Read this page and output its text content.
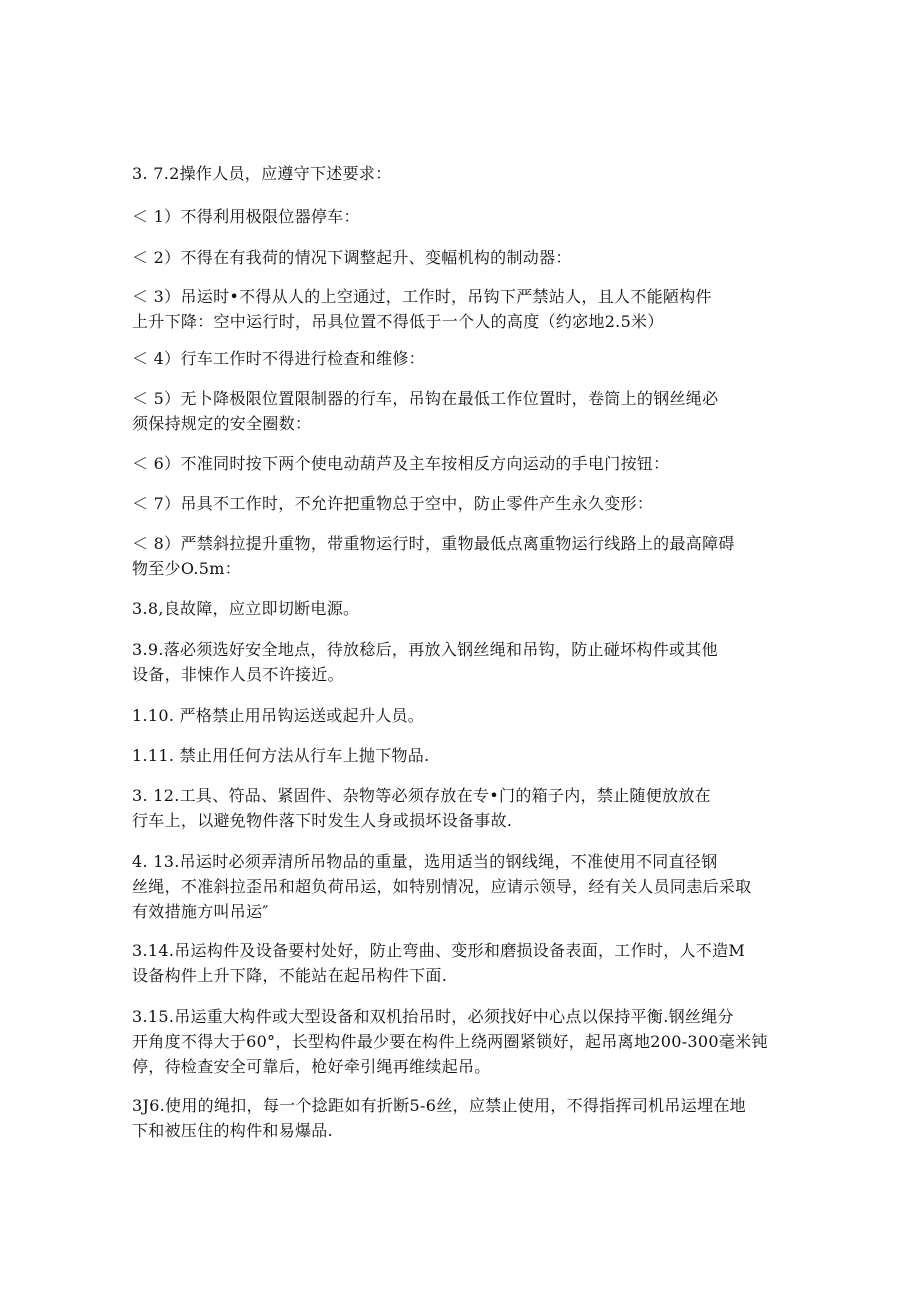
3. 7.2操作人员，应遵守下述要求：
＜ 1）不得利用极限位器停车：
＜ 2）不得在有我荷的情况下调整起升、变幅机构的制动器：
＜ 3）吊运时•不得从人的上空通过，工作时，吊钩下严禁站人，且人不能陋构件
上升下降：空中运行时，吊具位置不得低于一个人的高度（约宓地2.5米）
＜ 4）行车工作时不得进行检查和维修：
＜ 5）无卜降极限位置限制器的行车，吊钩在最低工作位置时，卷筒上的钢丝绳必
须保持规定的安全圈数：
＜ 6）不准同时按下两个使电动葫芦及主车按相反方向运动的手电门按钮：
＜ 7）吊具不工作时，不允许把重物总于空中，防止零件产生永久变形：
＜ 8）严禁斜拉提升重物，带重物运行时，重物最低点离重物运行线路上的最高障碍
物至少O.5m：
3.8,良故障，应立即切断电源。
3.9.落必须选好安全地点，待放稔后，再放入钢丝绳和吊钩，防止碰坏构件或其他
设备，非悚作人员不许接近。
1.10. 严格禁止用吊钩运送或起升人员。
1.11. 禁止用任何方法从行车上抛下物品.
3. 12.工具、符品、紧固件、杂物等必须存放在专•门的箱子内，禁止随便放放在
行车上，以避免物件落下时发生人身或损坏设备事故.
4. 13.吊运时必须弄清所吊物品的重量，选用适当的钢线绳，不准使用不同直径钢
丝绳，不准斜拉歪吊和超负荷吊运，如特别情况，应请示领导，经有关人员同恚后采取
有效措施方叫吊运″
3.14.吊运构件及设备要村处好，防止弯曲、变形和磨损设备表面，工作时，人不造M
设备构件上升下降，不能站在起吊构件下面.
3.15.吊运重大构件或大型设备和双机抬吊时，必须找好中心点以保持平衡.钢丝绳分
开角度不得大于60°，长型构件最少要在构件上绕两圈紧锁好，起吊离地200-300毫米钝
停，待检查安全可靠后，枪好牵引绳再维续起吊。
3J6.使用的绳扣，每一个捻距如有折断5-6丝，应禁止使用，不得指挥司机吊运埋在地
下和被压住的构件和易爆品.
